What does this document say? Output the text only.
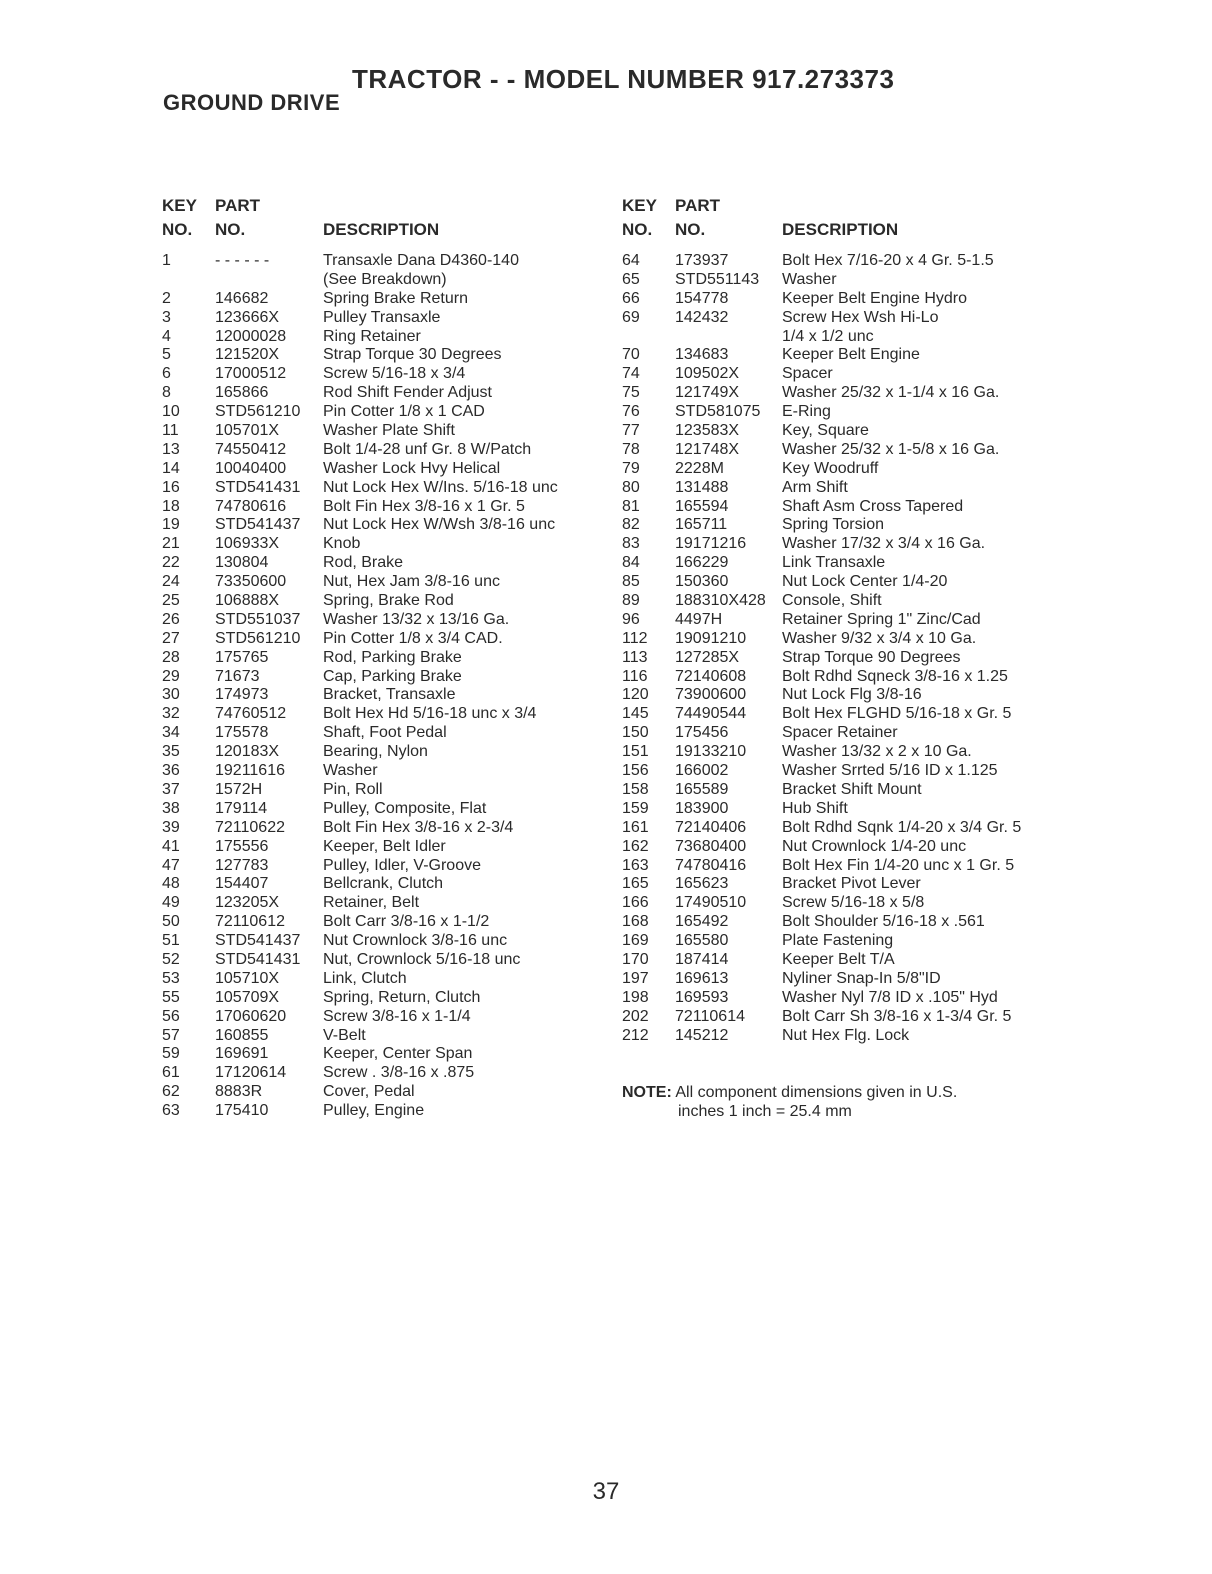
TRACTOR - - MODEL NUMBER 917.273373
GROUND DRIVE
KEY
NO.
PART
NO.	DESCRIPTION
1	- - - - - -	Transaxle Dana D4360-140
(See Breakdown)
2	146682	Spring Brake Return
3	123666X	Pulley Transaxle
4	12000028 Ring Retainer
5	121520X	Strap Torque 30 Degrees
6	17000512 Screw 5/16-18 x 3/4
8	165866	Rod Shift Fender Adjust
10 STD561210 Pin Cotter 1/8 x 1 CAD
11 105701X	Washer Plate Shift
13 74550412 Bolt 1/4-28 unf Gr. 8 W/Patch
14 10040400 Washer Lock Hvy Helical
16 STD541431 Nut Lock Hex W/Ins. 5/16-18 unc
18 74780616 Bolt Fin Hex 3/8-16 x 1 Gr. 5
19 STD541437 Nut Lock Hex W/Wsh 3/8-16 unc
21 106933X	Knob
22 130804	Rod, Brake
24 73350600 Nut, Hex Jam 3/8-16 unc
25 106888X	Spring, Brake Rod
26 STD551037 Washer 13/32 x 13/16 Ga.
27 STD561210 Pin Cotter 1/8 x 3/4 CAD.
28 175765	Rod, Parking Brake
29 71673	Cap, Parking Brake
30 174973	Bracket, Transaxle
32 74760512 Bolt Hex Hd 5/16-18 unc x 3/4
34 175578	Shaft, Foot Pedal
35 120183X	Bearing, Nylon
36 19211616 Washer
37 1572H	Pin, Roll
38 179114	Pulley, Composite, Flat
39 72110622 Bolt Fin Hex 3/8-16 x 2-3/4
41 175556	Keeper, Belt Idler
47 127783	Pulley, Idler, V-Groove
48 154407	Bellcrank, Clutch
49 123205X	Retainer, Belt
50 72110612 Bolt Carr 3/8-16 x 1-1/2
51 STD541437 Nut Crownlock 3/8-16 unc
52 STD541431 Nut, Crownlock 5/16-18 unc
53 105710X	Link, Clutch
55 105709X	Spring, Return, Clutch
56 17060620 Screw 3/8-16 x 1-1/4
57 160855	V-Belt
59 169691	Keeper, Center Span
61 17120614 Screw . 3/8-16 x .875
62 8883R	Cover, Pedal
63 175410	Pulley, Engine
KEY
NO.
PART
NO.	DESCRIPTION
64 173937	Bolt Hex 7/16-20 x 4 Gr. 5-1.5
65 STD551143 Washer
66 154778	Keeper Belt Engine Hydro
69 142432	Screw Hex Wsh Hi-Lo
1/4 x 1/2 unc
70 134683	Keeper Belt Engine
74 109502X	Spacer
75 121749X	Washer 25/32 x 1-1/4 x 16 Ga.
76 STD581075 E-Ring
77 123583X	Key, Square
78 121748X	Washer 25/32 x 1-5/8 x 16 Ga.
79 2228M	Key Woodruff
80 131488	Arm Shift
81 165594	Shaft Asm Cross Tapered
82 165711	Spring Torsion
83 19171216 Washer 17/32 x 3/4 x 16 Ga.
84 166229	Link Transaxle
85 150360	Nut Lock Center 1/4-20
89 188310X428 Console, Shift
96 4497H	Retainer Spring 1" Zinc/Cad
112 19091210 Washer 9/32 x 3/4 x 10 Ga.
113 127285X	Strap Torque 90 Degrees
116 72140608 Bolt Rdhd Sqneck 3/8-16 x 1.25
120 73900600 Nut Lock Flg 3/8-16
145 74490544 Bolt Hex FLGHD 5/16-18 x Gr. 5
150 175456	Spacer Retainer
151 19133210 Washer 13/32 x 2 x 10 Ga.
156 166002	Washer Srrted 5/16 ID x 1.125
158 165589	Bracket Shift Mount
159 183900	Hub Shift
161 72140406 Bolt Rdhd Sqnk 1/4-20 x 3/4 Gr. 5
162 73680400 Nut Crownlock 1/4-20 unc
163 74780416 Bolt Hex Fin 1/4-20 unc x 1 Gr. 5
165 165623	Bracket Pivot Lever
166 17490510 Screw 5/16-18 x 5/8
168 165492	Bolt Shoulder 5/16-18 x .561
169 165580	Plate Fastening
170 187414	Keeper Belt T/A
197 169613	Nyliner Snap-In 5/8"ID
198 169593	Washer Nyl 7/8 ID x .105" Hyd
202 72110614 Bolt Carr Sh 3/8-16 x 1-3/4 Gr. 5
212 145212	Nut Hex Flg. Lock
NOTE: All component dimensions given in U.S.
inches 1 inch = 25.4 mm

37
